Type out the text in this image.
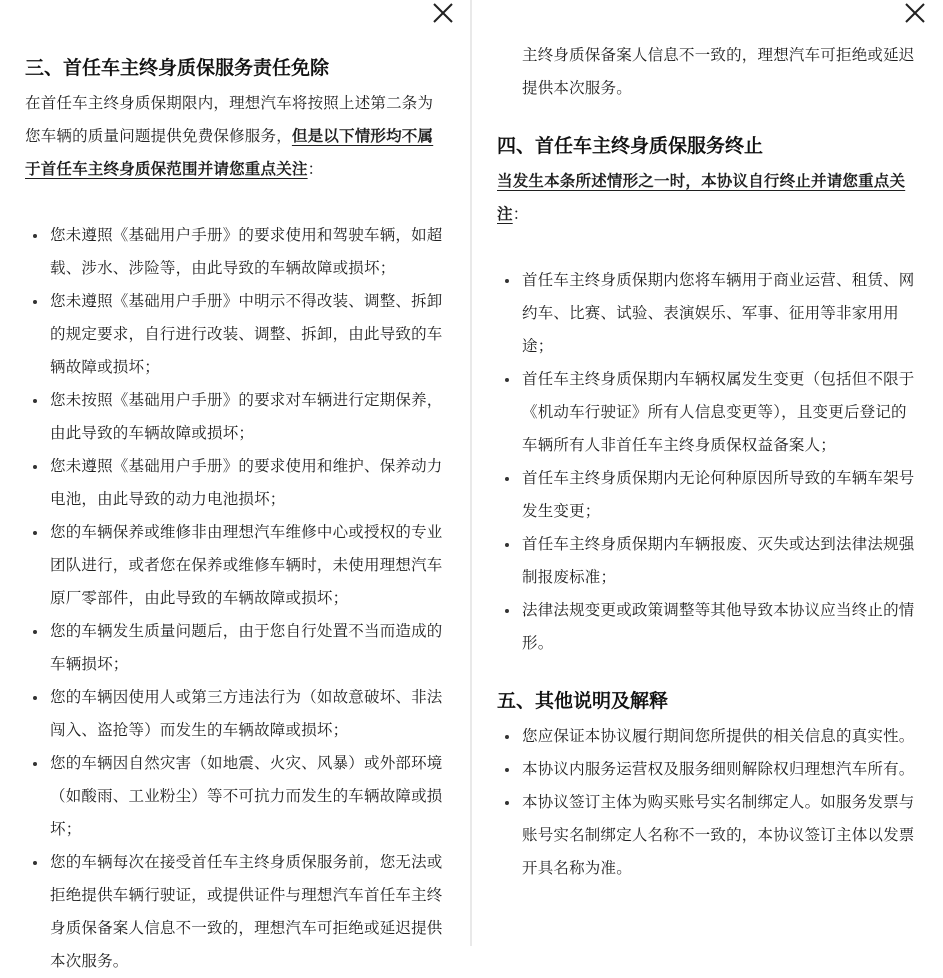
三、首任车主终身质保服务责任免除

在首任车主终身质保期限内，理想汽车将按照上述第二条为您车辆的质量问题提供免费保修服务，但是以下情形均不属于首任车主终身质保范围并请您重点关注：

您未遵照《基础用户手册》的要求使用和驾驶车辆，如超载、涉水、涉险等，由此导致的车辆故障或损坏；
您未遵照《基础用户手册》中明示不得改装、调整、拆卸的规定要求，自行进行改装、调整、拆卸，由此导致的车辆故障或损坏；
您未按照《基础用户手册》的要求对车辆进行定期保养，由此导致的车辆故障或损坏；
您未遵照《基础用户手册》的要求使用和维护、保养动力电池，由此导致的动力电池损坏；
您的车辆保养或维修非由理想汽车维修中心或授权的专业团队进行，或者您在保养或维修车辆时，未使用理想汽车原厂零部件，由此导致的车辆故障或损坏；
您的车辆发生质量问题后，由于您自行处置不当而造成的车辆损坏；
您的车辆因使用人或第三方违法行为（如故意破坏、非法闯入、盗抢等）而发生的车辆故障或损坏；
您的车辆因自然灾害（如地震、火灾、风暴）或外部环境（如酸雨、工业粉尘）等不可抗力而发生的车辆故障或损坏；
您的车辆每次在接受首任车主终身质保服务前，您无法或拒绝提供车辆行驶证，或提供证件与理想汽车首任车主终身质保备案人信息不一致的，理想汽车可拒绝或延迟提供本次服务。

主终身质保备案人信息不一致的，理想汽车可拒绝或延迟提供本次服务。

四、首任车主终身质保服务终止

当发生本条所述情形之一时，本协议自行终止并请您重点关注：

首任车主终身质保期内您将车辆用于商业运营、租赁、网约车、比赛、试验、表演娱乐、军事、征用等非家用用途；
首任车主终身质保期内车辆权属发生变更（包括但不限于《机动车行驶证》所有人信息变更等），且变更后登记的车辆所有人非首任车主终身质保权益备案人；
首任车主终身质保期内无论何种原因所导致的车辆车架号发生变更；
首任车主终身质保期内车辆报废、灭失或达到法律法规强制报废标准；
法律法规变更或政策调整等其他导致本协议应当终止的情形。
五、其他说明及解释
您应保证本协议履行期间您所提供的相关信息的真实性。
本协议内服务运营权及服务细则解除权归理想汽车所有。
本协议签订主体为购买账号实名制绑定人。如服务发票与账号实名制绑定人名称不一致的，本协议签订主体以发票开具名称为准。
